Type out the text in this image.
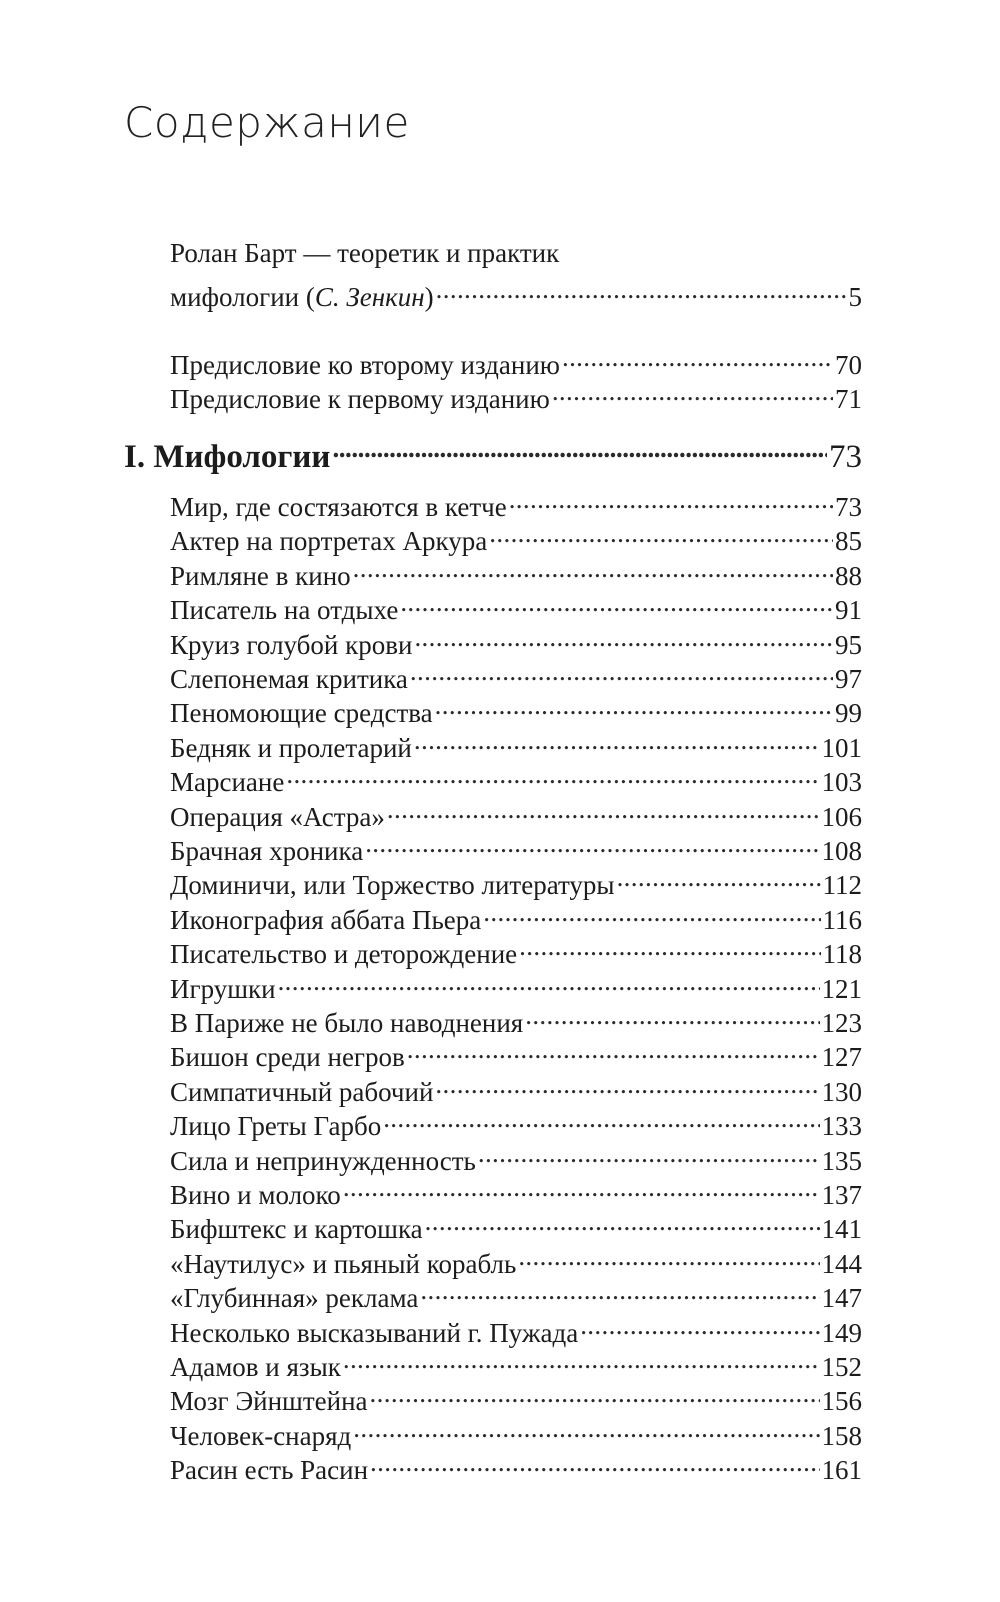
Содержание
Ролан Барт — теоретик и практик
мифологии (С. Зенкин) . . .	5
Предисловие ко второму изданию . . .	70
Предисловие к первому изданию . . .	71
I. Мифологии . . .	73
Мир, где состязаются в кетче . . .	73
Актер на портретах Аркура . . .	85
Римляне в кино . . .	88
Писатель на отдыхе . . .	91
Круиз голубой крови . . .	95
Слепонемая критика . . .	97
Пеномоющие средства . . .	99
Бедняк и пролетарий . . .	101
Марсиане . . .	103
Операция «Астра» . . .	106
Брачная хроника . . .	108
Доминичи, или Торжество литературы . . .	112
Иконография аббата Пьера . . .	116
Писательство и деторождение . . .	118
Игрушки . . .	121
В Париже не было наводнения . . .	123
Бишон среди негров . . .	127
Симпатичный рабочий . . .	130
Лицо Греты Гарбо . . .	133
Сила и непринужденность . . .	135
Вино и молоко . . .	137
Бифштекс и картошка . . .	141
«Наутилус» и пьяный корабль . . .	144
«Глубинная» реклама . . .	147
Несколько высказываний г. Пужада . . .	149
Адамов и язык . . .	152
Мозг Эйнштейна . . .	156
Человек-снаряд . . .	158
Расин есть Расин . . .	161
